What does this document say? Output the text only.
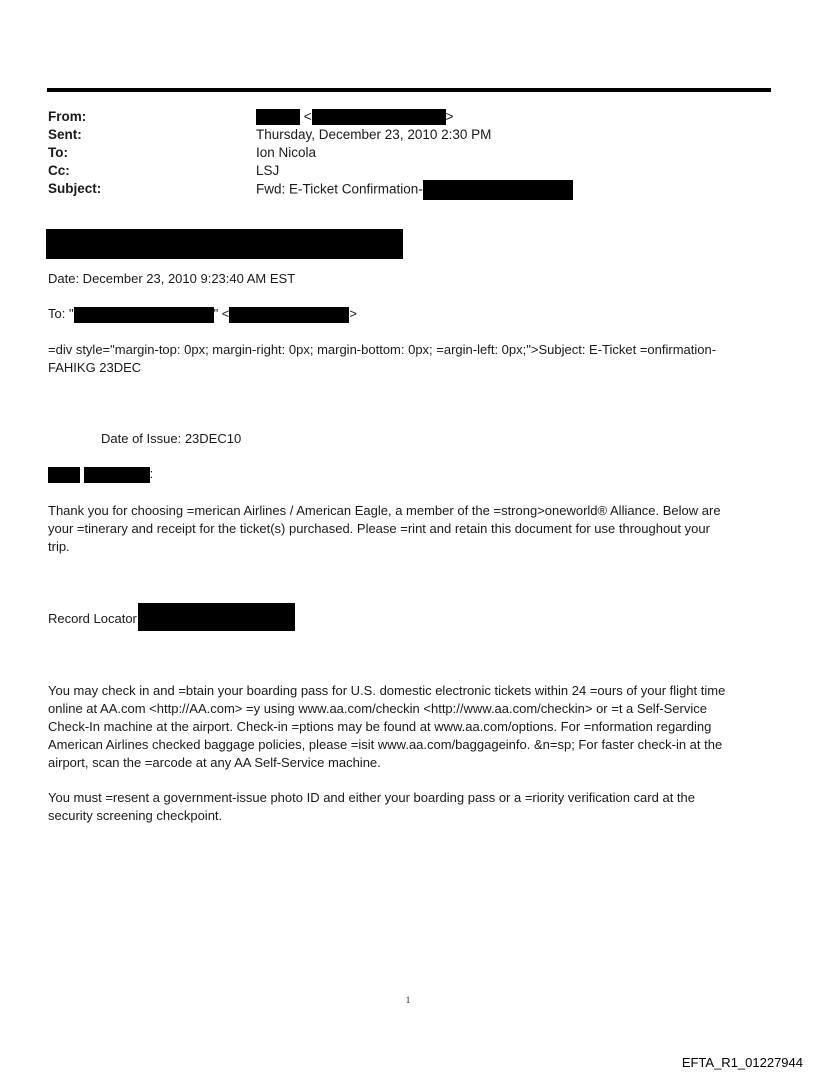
From:	<	>
Sent:	Thursday, December 23, 2010 2:30 PM
To:	Ion Nicola
Cc:	LSJ
Subject:	Fwd: E-Ticket Confirmation-
Date: December 23, 2010 9:23:40 AM EST
To: "	" <	>
=div style="margin-top: 0px; margin-right: 0px; margin-bottom: 0px; =argin-left: 0px;">Subject: E-Ticket =onfirmation-
FAHIKG 23DEC
Date of Issue: 23DEC10
:
Thank you for choosing =merican Airlines / American Eagle, a member of the =strong>oneworld® Alliance. Below are
your =tinerary and receipt for the ticket(s) purchased. Please =rint and retain this document for use throughout your
trip.
Record Locator
You may check in and =btain your boarding pass for U.S. domestic electronic tickets within 24 =ours of your flight time
online at AA.com <http://AA.com> =y using www.aa.com/checkin <http://www.aa.com/checkin> or =t a Self-Service
Check-In machine at the airport. Check-in =ptions may be found at www.aa.com/options. For =nformation regarding
American Airlines checked baggage policies, please =isit www.aa.com/baggageinfo. &n=sp; For faster check-in at the
airport, scan the =arcode at any AA Self-Service machine.
You must =resent a government-issue photo ID and either your boarding pass or a =riority verification card at the
security screening checkpoint.
1
EFTA_R1_01227944
